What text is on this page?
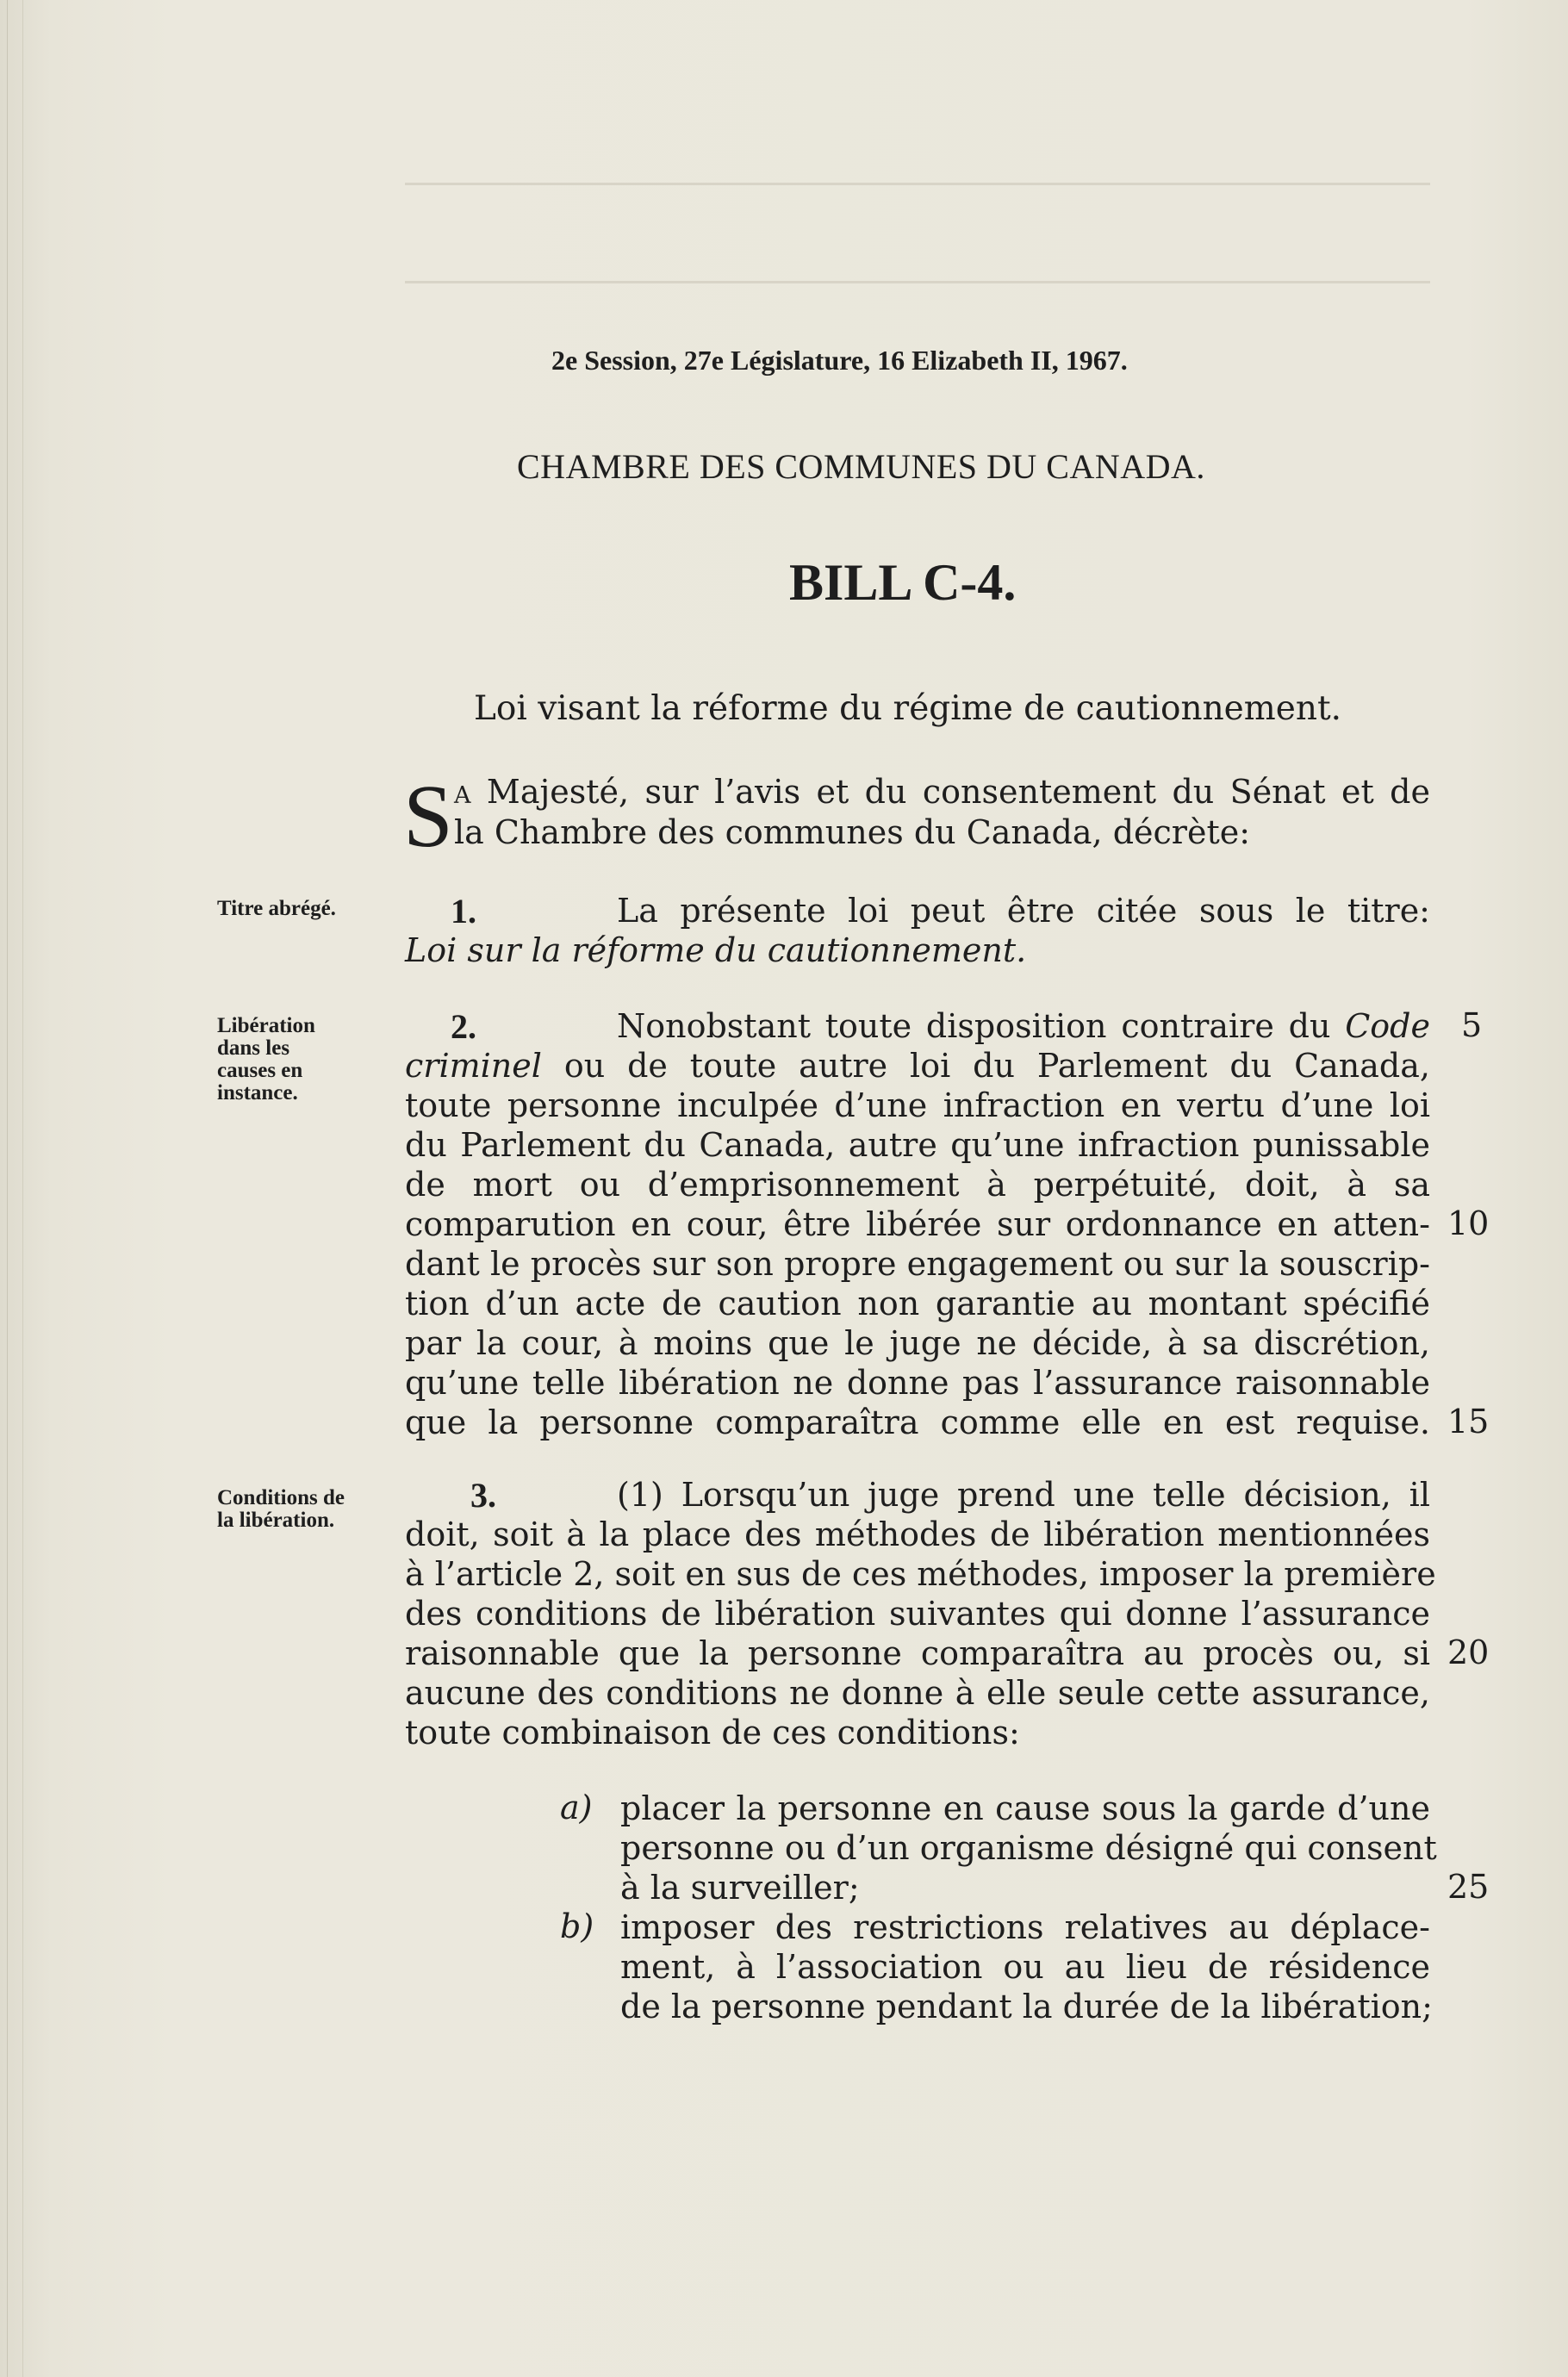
2e Session, 27e Législature, 16 Elizabeth II, 1967.
CHAMBRE DES COMMUNES DU CANADA.
BILL C-4.
Loi visant la réforme du régime de cautionnement.
S A Majesté, sur l’avis et du consentement du Sénat et de
la Chambre des communes du Canada, décrète:
Titre abrégé.	1.	La présente loi peut être citée sous le titre:
Loi sur la réforme du cautionnement.
Libération
dans les
causes en
instance.
2.	Nonobstant toute disposition contraire du Code
criminel ou de toute autre loi du Parlement du Canada,
toute personne inculpée d’une infraction en vertu d’une loi
du Parlement du Canada, autre qu’une infraction punissable
de mort ou d’emprisonnement à perpétuité, doit, à sa
comparution en cour, être libérée sur ordonnance en atten-
dant le procès sur son propre engagement ou sur la souscrip-
tion d’un acte de caution non garantie au montant spécifié
par la cour, à moins que le juge ne décide, à sa discrétion,
qu’une telle libération ne donne pas l’assurance raisonnable
que la personne comparaîtra comme elle en est requise.
Conditions de
la libération.
3.	(1) Lorsqu’un juge prend une telle décision, il
doit, soit à la place des méthodes de libération mentionnées
à l’article 2, soit en sus de ces méthodes, imposer la première
des conditions de libération suivantes qui donne l’assurance
raisonnable que la personne comparaîtra au procès ou, si
aucune des conditions ne donne à elle seule cette assurance,
toute combinaison de ces conditions:
a) placer la personne en cause sous la garde d’une
personne ou d’un organisme désigné qui consent
à la surveiller;
b) imposer des restrictions relatives au déplace-
ment, à l’association ou au lieu de résidence
de la personne pendant la durée de la libération;
5
10
15
20
25
